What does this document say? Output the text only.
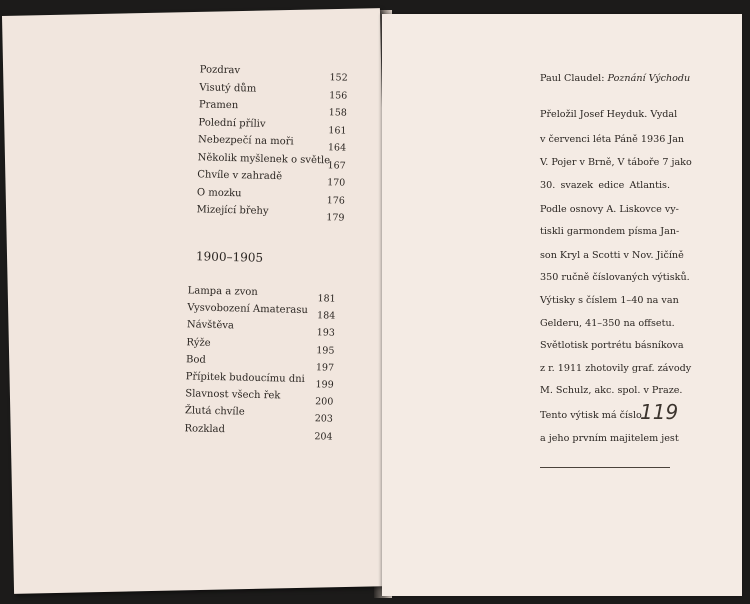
Pozdrav
152
Visutý dům
156
Pramen
158
Polední příliv
161
Nebezpečí na moři
164
Několik myšlenek o světle
167
Chvíle v zahradě
170
O mozku
176
Mizející břehy
179
1900–1905
Lampa a zvon
181
Vysvobození Amaterasu 184
Návštěva
193
Rýže
195
Bod
197
Přípitek budoucímu dni 199
Slavnost všech řek
200
Žlutá chvíle
203
Rozklad
204
Paul Claudel: Poznání Východu
Přeložil Josef Heyduk. Vydal
v červenci léta Páně 1936 Jan
V. Pojer v Brně, V táboře 7 jako
30. svazek edice Atlantis.
Podle osnovy A. Liskovce vy-
tiskli garmondem písma Jan-
son Kryl a Scotti v Nov. Jičíně
350 ručně číslovaných výtisků.
Výtisky s číslem 1–40 na van
Gelderu, 41–350 na offsetu.
Světlotisk portrétu básníkova
z r. 1911 zhotovily graf. závody
M. Schulz, akc. spol. v Praze.
Tento výtisk má číslo
119
a jeho prvním majitelem jest
